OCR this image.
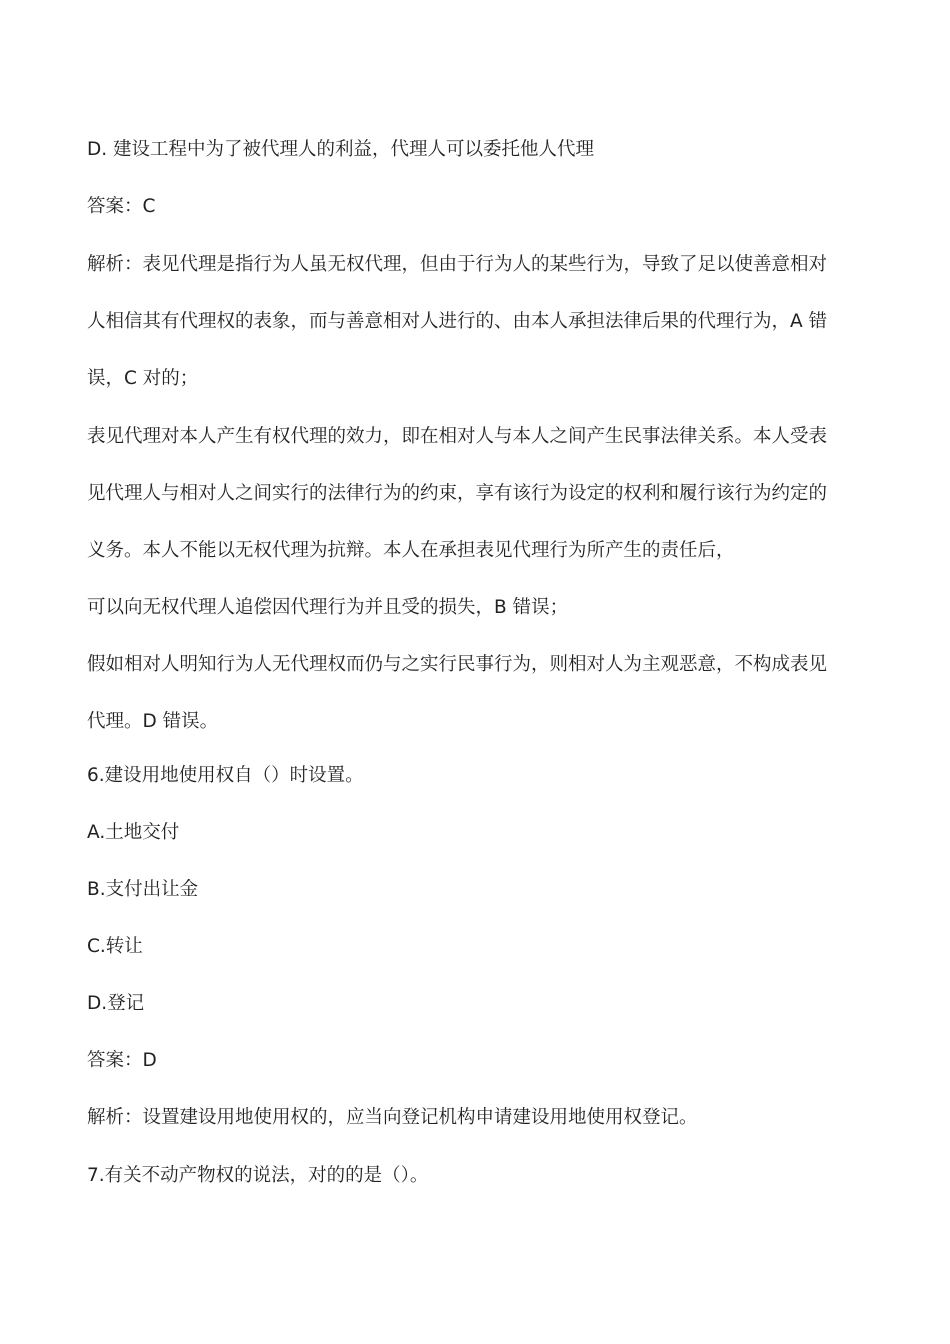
D. 建设工程中为了被代理人的利益，代理人可以委托他人代理
答案：C
解析：表见代理是指行为人虽无权代理，但由于行为人的某些行为，导致了足以使善意相对
人相信其有代理权的表象，而与善意相对人进行的、由本人承担法律后果的代理行为，A 错
误，C 对的；
表见代理对本人产生有权代理的效力，即在相对人与本人之间产生民事法律关系。本人受表
见代理人与相对人之间实行的法律行为的约束，享有该行为设定的权利和履行该行为约定的
义务。本人不能以无权代理为抗辩。本人在承担表见代理行为所产生的责任后，
可以向无权代理人追偿因代理行为并且受的损失，B 错误；
假如相对人明知行为人无代理权而仍与之实行民事行为，则相对人为主观恶意，不构成表见
代理。D 错误。
6.建设用地使用权自（）时设置。
A.土地交付
B.支付出让金
C.转让
D.登记
答案：D
解析：设置建设用地使用权的，应当向登记机构申请建设用地使用权登记。
7.有关不动产物权的说法，对的的是（）。
